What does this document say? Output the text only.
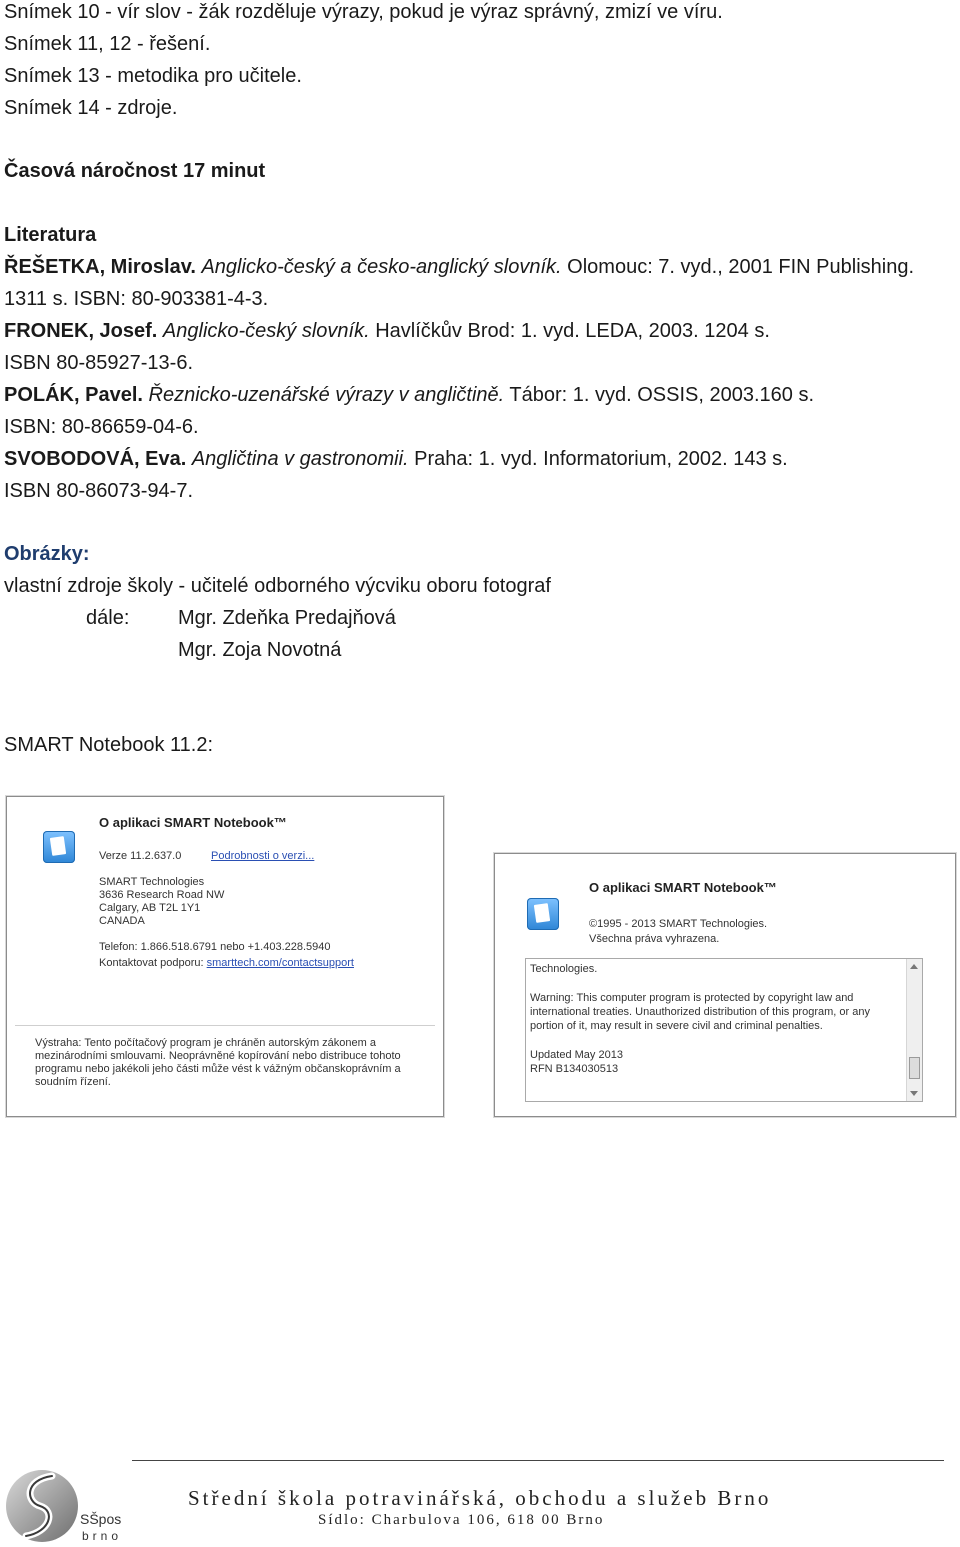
Snímek 10 - vír slov - žák rozděluje výrazy, pokud je výraz správný, zmizí ve víru.
Snímek 11, 12 - řešení.
Snímek 13 - metodika pro učitele.
Snímek 14 - zdroje.
Časová náročnost 17 minut
Literatura
ŘEŠETKA, Miroslav. Anglicko-český a česko-anglický slovník. Olomouc: 7. vyd., 2001 FIN Publishing.
1311 s. ISBN: 80-903381-4-3.
FRONEK, Josef. Anglicko-český slovník. Havlíčkův Brod: 1. vyd. LEDA, 2003. 1204 s.
ISBN 80-85927-13-6.
POLÁK, Pavel. Řeznicko-uzenářské výrazy v angličtině. Tábor: 1. vyd. OSSIS, 2003.160 s.
ISBN: 80-86659-04-6.
SVOBODOVÁ, Eva. Angličtina v gastronomii. Praha: 1. vyd. Informatorium, 2002. 143 s.
ISBN 80-86073-94-7.
Obrázky:
vlastní zdroje školy - učitelé odborného výcviku oboru fotograf
dále: Mgr. Zdeňka Predajňová
Mgr. Zoja Novotná
SMART Notebook 11.2:
O aplikaci SMART Notebook™
Verze 11.2.637.0	Podrobnosti o verzi...
SMART Technologies
3636 Research Road NW
Calgary, AB T2L 1Y1
CANADA
Telefon: 1.866.518.6791 nebo +1.403.228.5940
Kontaktovat podporu: smarttech.com/contactsupport
Výstraha: Tento počítačový program je chráněn autorským zákonem a
mezinárodními smlouvami. Neoprávněné kopírování nebo distribuce tohoto
programu nebo jakékoli jeho části může vést k vážným občanskoprávním a
soudním řízení.
O aplikaci SMART Notebook™
©1995 - 2013 SMART Technologies.
Všechna práva vyhrazena.
Technologies.
Warning: This computer program is protected by copyright law and
international treaties. Unauthorized distribution of this program, or any
portion of it, may result in severe civil and criminal penalties.
Updated May 2013
RFN B134030513
SŠpos
brno
Střední škola potravinářská, obchodu a služeb Brno
Sídlo: Charbulova 106, 618 00 Brno
